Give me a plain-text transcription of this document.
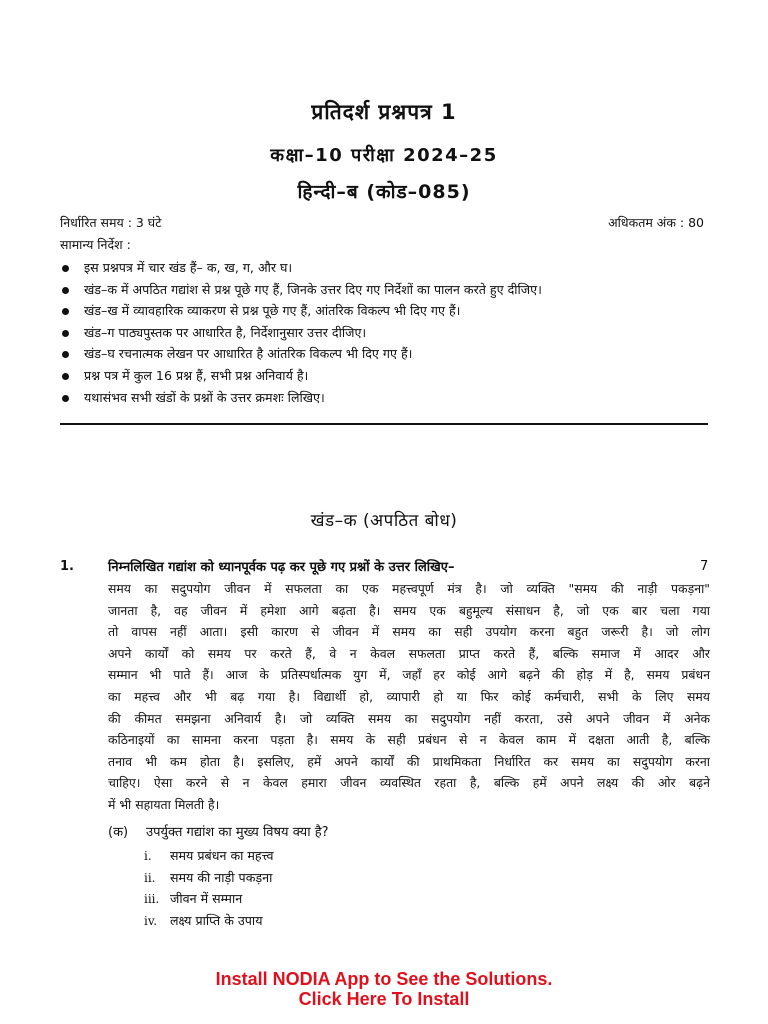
प्रतिदर्श प्रश्नपत्र 1
कक्षा–10 परीक्षा 2024–25
हिन्दी–ब (कोड–085)
निर्धारित समय : 3 घंटे	अधिकतम अंक : 80
सामान्य निर्देश :
इस प्रश्नपत्र में चार खंड हैं– क, ख, ग, और घ।
खंड–क में अपठित गद्यांश से प्रश्न पूछे गए हैं, जिनके उत्तर दिए गए निर्देशों का पालन करते हुए दीजिए।
खंड–ख में व्यावहारिक व्याकरण से प्रश्न पूछे गए हैं, आंतरिक विकल्प भी दिए गए हैं।
खंड–ग पाठ्यपुस्तक पर आधारित है, निर्देशानुसार उत्तर दीजिए।
खंड–घ रचनात्मक लेखन पर आधारित है आंतरिक विकल्प भी दिए गए हैं।
प्रश्न पत्र में कुल 16 प्रश्न हैं, सभी प्रश्न अनिवार्य है।
यथासंभव सभी खंडों के प्रश्नों के उत्तर क्रमशः लिखिए।
खंड–क (अपठित बोध)
1.	निम्नलिखित गद्यांश को ध्यानपूर्वक पढ़ कर पूछे गए प्रश्नों के उत्तर लिखिए–	7
समय का सदुपयोग जीवन में सफलता का एक महत्त्वपूर्ण मंत्र है। जो व्यक्ति "समय की नाड़ी पकड़ना"
जानता है, वह जीवन में हमेशा आगे बढ़ता है। समय एक बहुमूल्य संसाधन है, जो एक बार चला गया
तो वापस नहीं आता। इसी कारण से जीवन में समय का सही उपयोग करना बहुत जरूरी है। जो लोग
अपने कार्यों को समय पर करते हैं, वे न केवल सफलता प्राप्त करते हैं, बल्कि समाज में आदर और
सम्मान भी पाते हैं। आज के प्रतिस्पर्धात्मक युग में, जहाँ हर कोई आगे बढ़ने की होड़ में है, समय प्रबंधन
का महत्त्व और भी बढ़ गया है। विद्यार्थी हो, व्यापारी हो या फिर कोई कर्मचारी, सभी के लिए समय
की कीमत समझना अनिवार्य है। जो व्यक्ति समय का सदुपयोग नहीं करता, उसे अपने जीवन में अनेक
कठिनाइयों का सामना करना पड़ता है। समय के सही प्रबंधन से न केवल काम में दक्षता आती है, बल्कि
तनाव भी कम होता है। इसलिए, हमें अपने कार्यों की प्राथमिकता निर्धारित कर समय का सदुपयोग करना
चाहिए। ऐसा करने से न केवल हमारा जीवन व्यवस्थित रहता है, बल्कि हमें अपने लक्ष्य की ओर बढ़ने
में भी सहायता मिलती है।
(क) उपर्युक्त गद्यांश का मुख्य विषय क्या है?
i. समय प्रबंधन का महत्त्व
ii. समय की नाड़ी पकड़ना
iii. जीवन में सम्मान
iv. लक्ष्य प्राप्ति के उपाय
Install NODIA App to See the Solutions.
Click Here To Install
